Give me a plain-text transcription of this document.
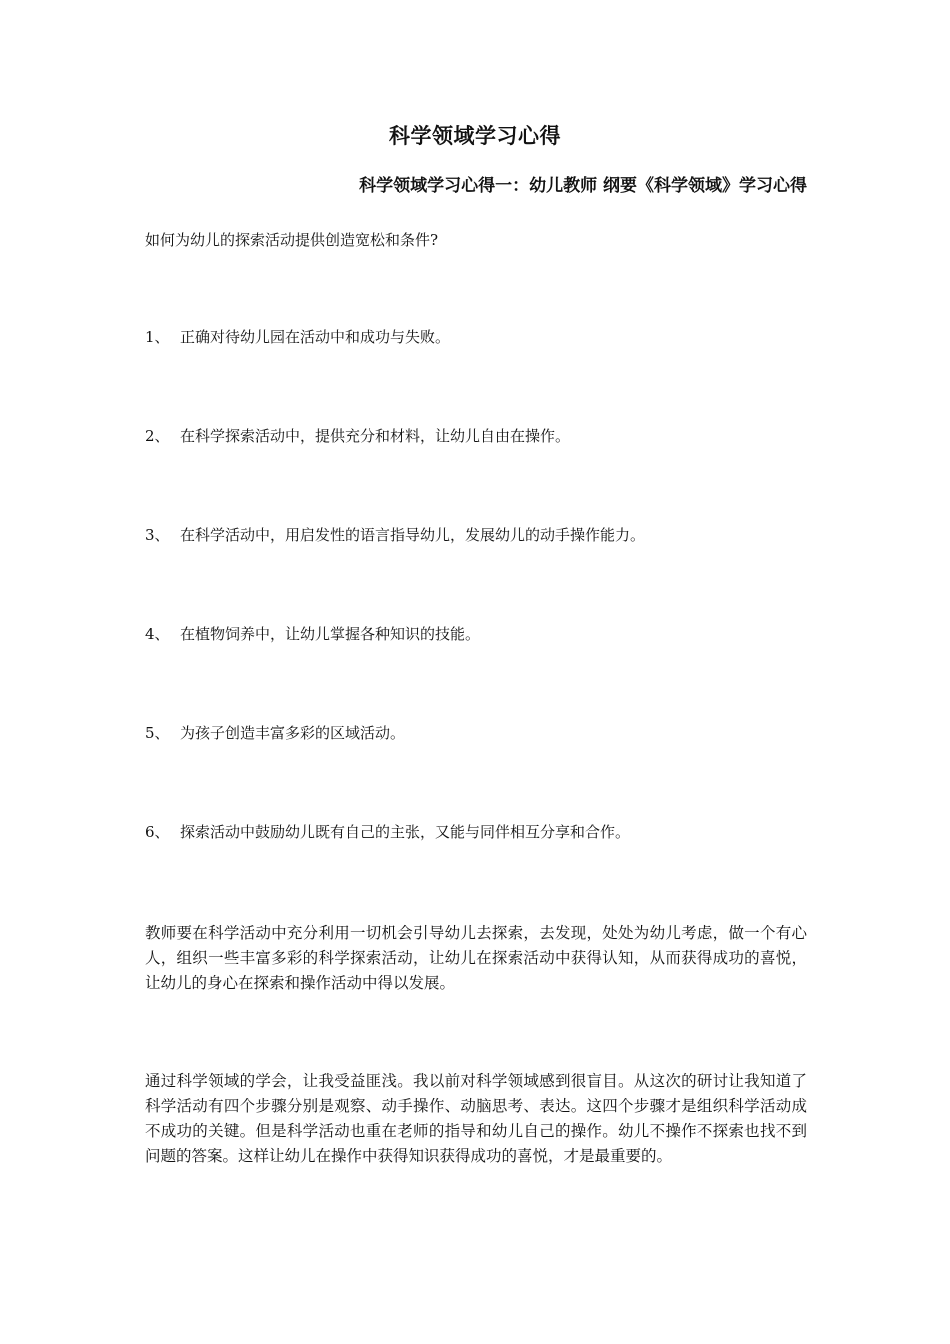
科学领域学习心得
科学领域学习心得一：幼儿教师 纲要《科学领域》学习心得
如何为幼儿的探索活动提供创造宽松和条件?
1、 正确对待幼儿园在活动中和成功与失败。
2、 在科学探索活动中，提供充分和材料，让幼儿自由在操作。
3、 在科学活动中，用启发性的语言指导幼儿，发展幼儿的动手操作能力。
4、 在植物饲养中，让幼儿掌握各种知识的技能。
5、 为孩子创造丰富多彩的区域活动。
6、 探索活动中鼓励幼儿既有自己的主张，又能与同伴相互分享和合作。
教师要在科学活动中充分利用一切机会引导幼儿去探索，去发现，处处为幼儿考虑，做一个有心人，组织一些丰富多彩的科学探索活动，让幼儿在探索活动中获得认知，从而获得成功的喜悦，让幼儿的身心在探索和操作活动中得以发展。
通过科学领域的学会，让我受益匪浅。我以前对科学领域感到很盲目。从这次的研讨让我知道了科学活动有四个步骤分别是观察、动手操作、动脑思考、表达。这四个步骤才是组织科学活动成不成功的关键。但是科学活动也重在老师的指导和幼儿自己的操作。幼儿不操作不探索也找不到问题的答案。这样让幼儿在操作中获得知识获得成功的喜悦，才是最重要的。
